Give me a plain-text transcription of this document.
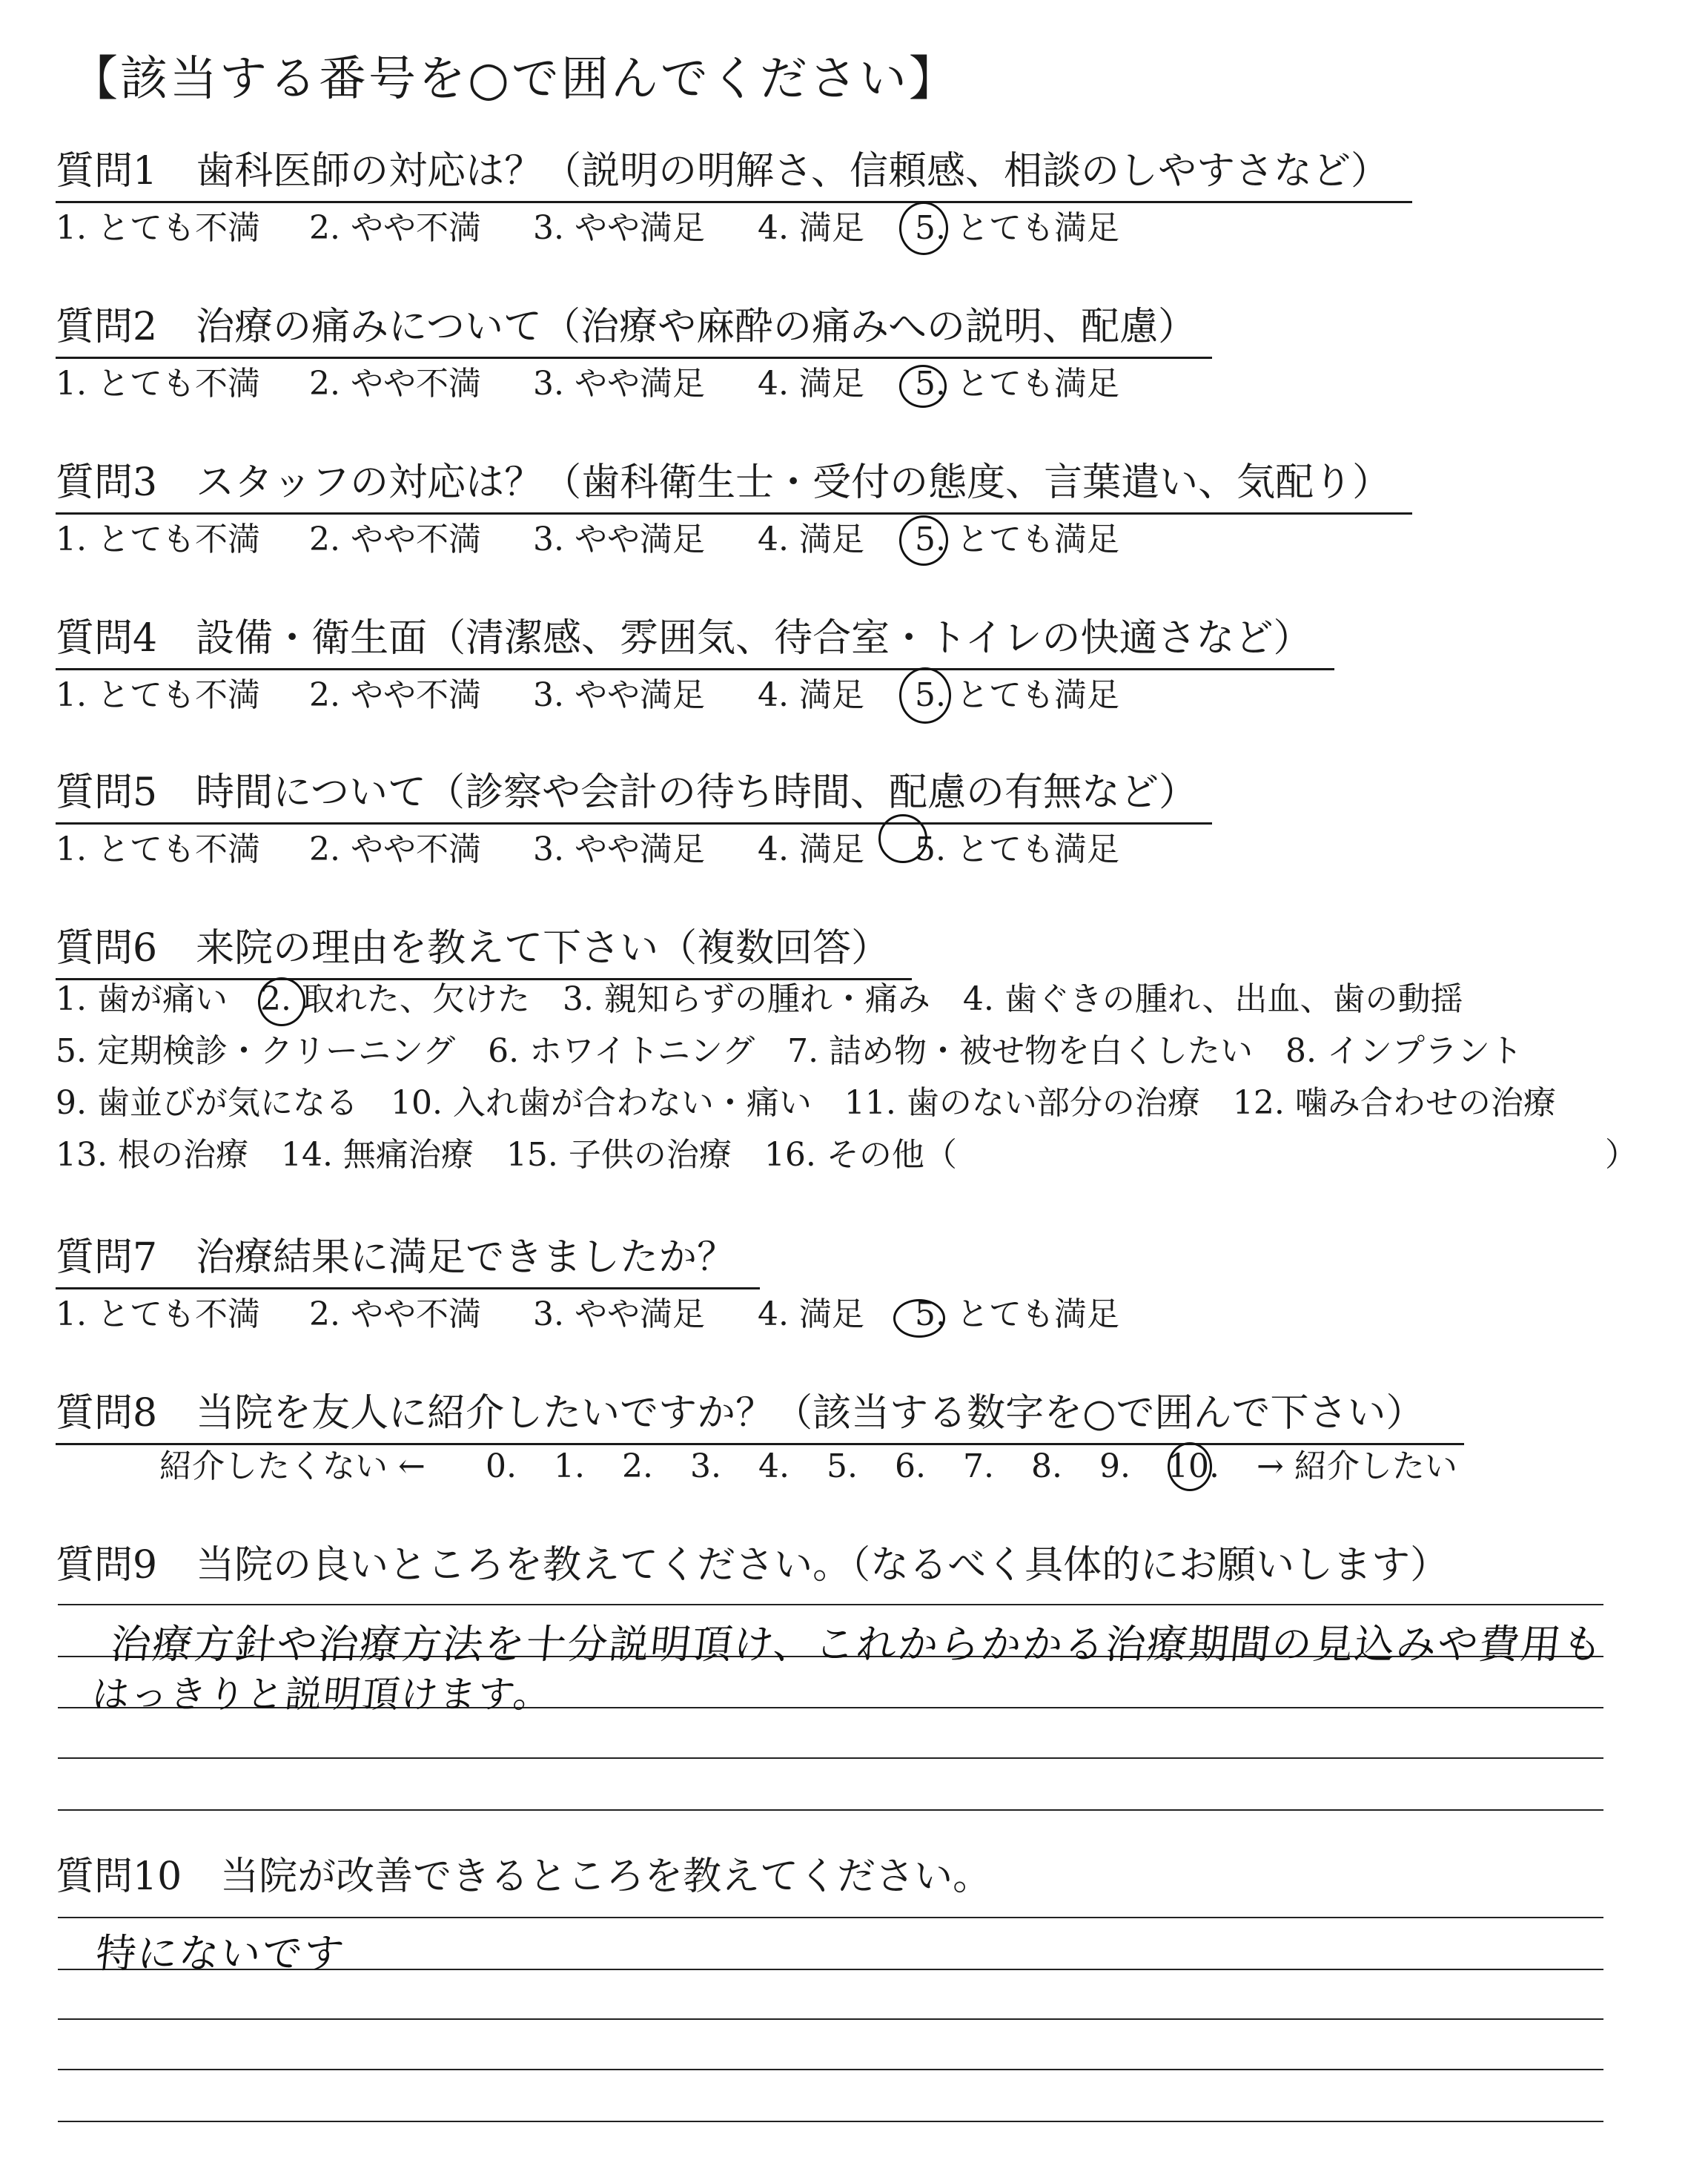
【該当する番号を○で囲んでください】
質問1　歯科医師の対応は？（説明の明解さ、信頼感、相談のしやすさなど）
1. とても不満 2. やや不満 3. やや満足 4. 満足 5. とても満足
質問2　治療の痛みについて（治療や麻酔の痛みへの説明、配慮）
1. とても不満 2. やや不満 3. やや満足 4. 満足 5. とても満足
質問3　スタッフの対応は？（歯科衛生士・受付の態度、言葉遣い、気配り）
1. とても不満 2. やや不満 3. やや満足 4. 満足 5. とても満足
質問4　設備・衛生面（清潔感、雰囲気、待合室・トイレの快適さなど）
1. とても不満 2. やや不満 3. やや満足 4. 満足 5. とても満足
質問5　時間について（診察や会計の待ち時間、配慮の有無など）
1. とても不満 2. やや不満 3. やや満足 4. 満足 5. とても満足
質問6　来院の理由を教えて下さい（複数回答）
1. 歯が痛い　2. 取れた、欠けた　3. 親知らずの腫れ・痛み　4. 歯ぐきの腫れ、出血、歯の動揺
5. 定期検診・クリーニング　6. ホワイトニング　7. 詰め物・被せ物を白くしたい　8. インプラント
9. 歯並びが気になる　10. 入れ歯が合わない・痛い　11. 歯のない部分の治療　12. 噛み合わせの治療
13. 根の治療　14. 無痛治療　15. 子供の治療　16. その他（	）
質問7　治療結果に満足できましたか？
1. とても不満 2. やや不満 3. やや満足 4. 満足 5. とても満足
質問8　当院を友人に紹介したいですか？（該当する数字を○で囲んで下さい）
紹介したくない ← 0. 1. 2. 3. 4. 5. 6. 7. 8. 9. 10. → 紹介したい
質問9　当院の良いところを教えてください。（なるべく具体的にお願いします）
治療方針や治療方法を十分説明頂け、これからかかる治療期間の見込みや費用も
はっきりと説明頂けます。
質問10　当院が改善できるところを教えてください。
特にないです
